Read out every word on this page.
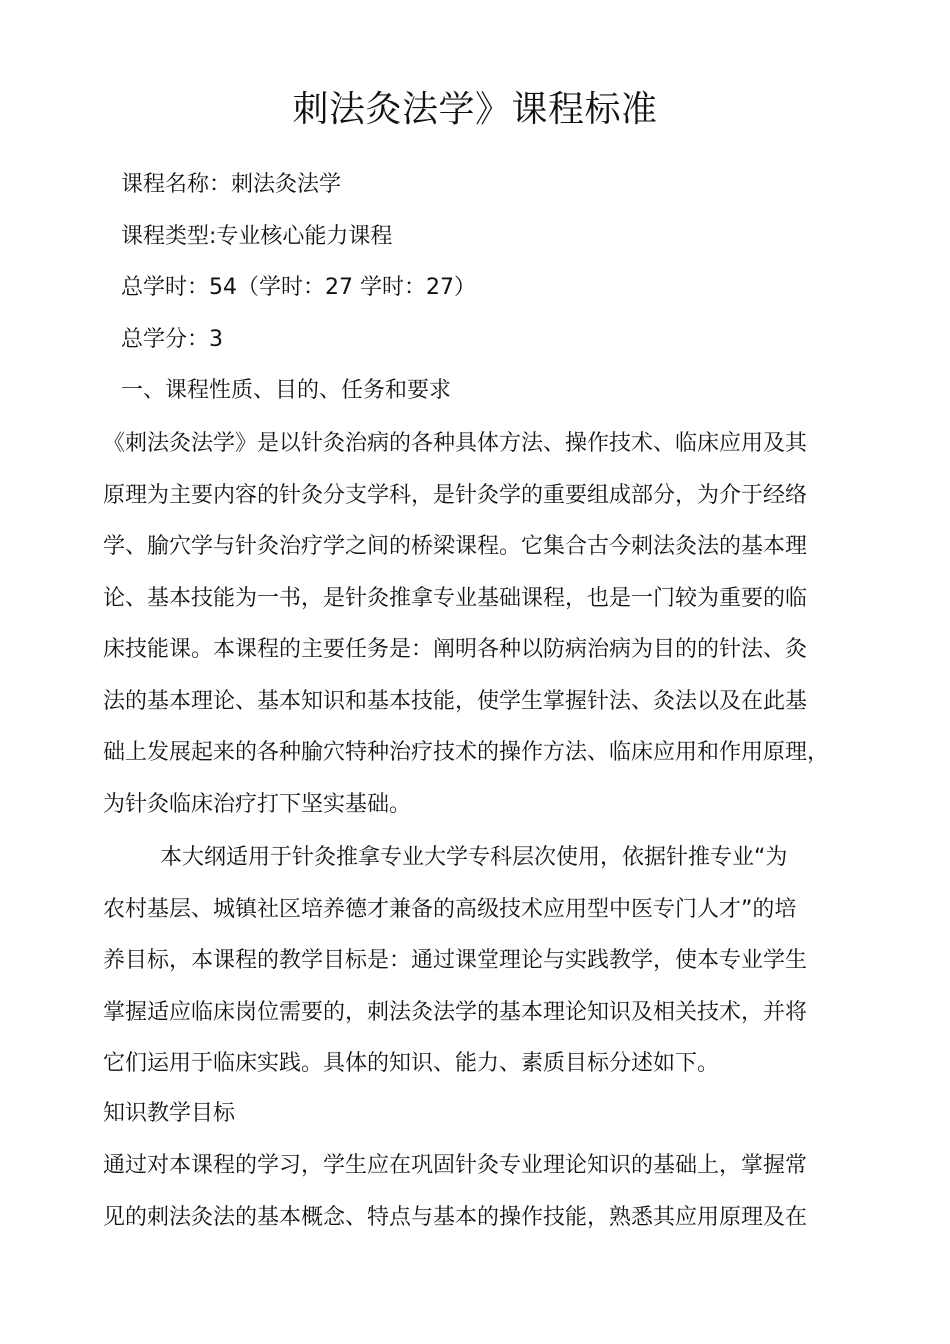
刺法灸法学》课程标准
课程名称：刺法灸法学
课程类型:专业核心能力课程
总学时：54（学时：27 学时：27）
总学分：3
一、课程性质、目的、任务和要求
《刺法灸法学》是以针灸治病的各种具体方法、操作技术、临床应用及其
原理为主要内容的针灸分支学科，是针灸学的重要组成部分，为介于经络
学、腧穴学与针灸治疗学之间的桥梁课程。它集合古今刺法灸法的基本理
论、基本技能为一书，是针灸推拿专业基础课程，也是一门较为重要的临
床技能课。本课程的主要任务是：阐明各种以防病治病为目的的针法、灸
法的基本理论、基本知识和基本技能，使学生掌握针法、灸法以及在此基
础上发展起来的各种腧穴特种治疗技术的操作方法、临床应用和作用原理，
为针灸临床治疗打下坚实基础。
本大纲适用于针灸推拿专业大学专科层次使用，依据针推专业“为
农村基层、城镇社区培养德才兼备的高级技术应用型中医专门人才”的培
养目标，本课程的教学目标是：通过课堂理论与实践教学，使本专业学生
掌握适应临床岗位需要的，刺法灸法学的基本理论知识及相关技术，并将
它们运用于临床实践。具体的知识、能力、素质目标分述如下。
知识教学目标
通过对本课程的学习，学生应在巩固针灸专业理论知识的基础上，掌握常
见的刺法灸法的基本概念、特点与基本的操作技能，熟悉其应用原理及在
